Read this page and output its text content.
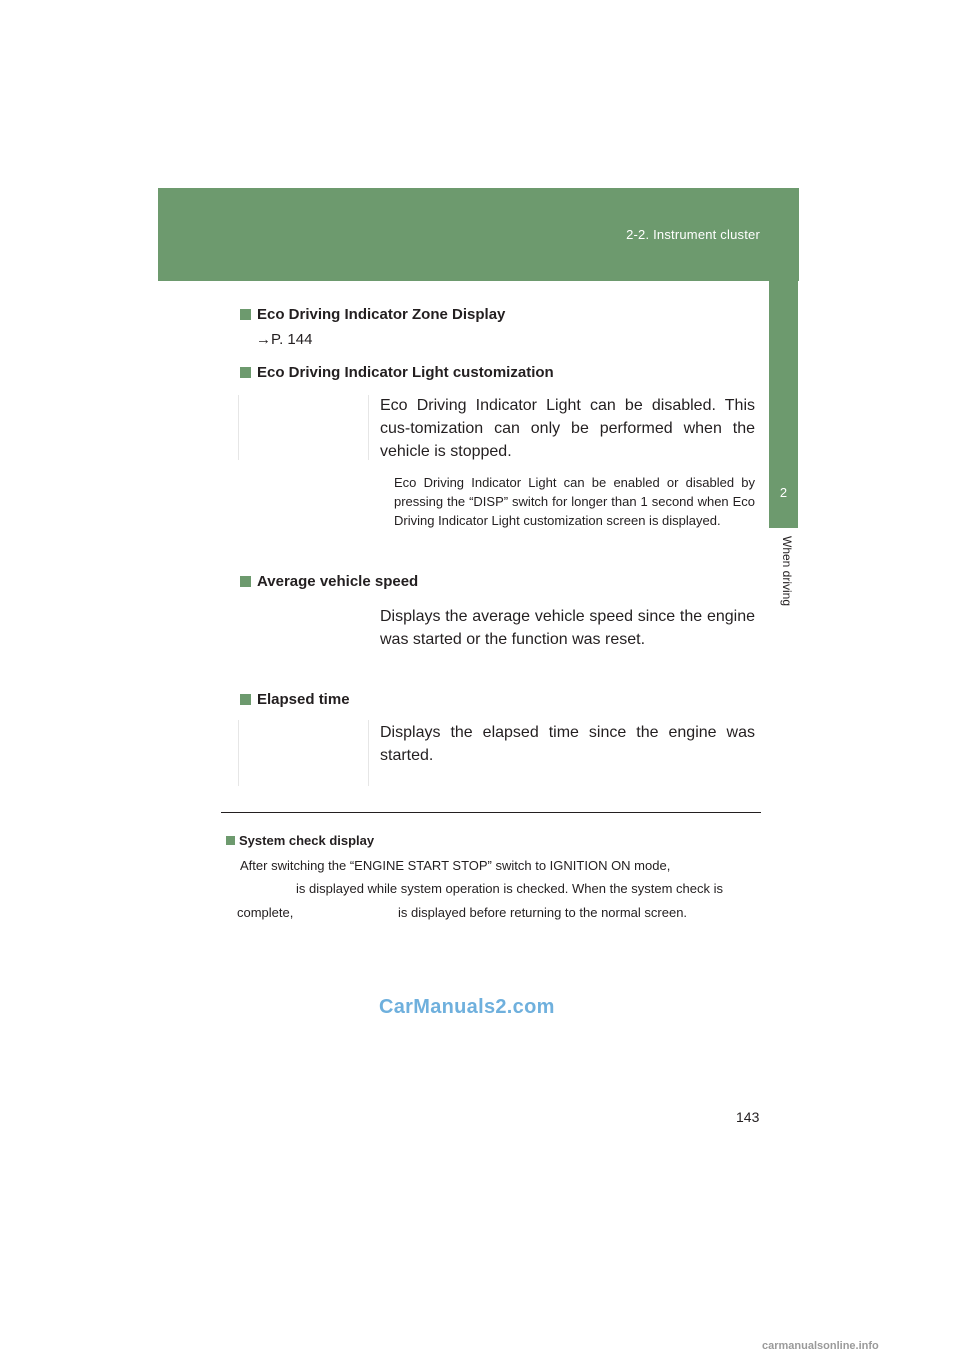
2-2. Instrument cluster
2
When driving
Eco Driving Indicator Zone Display
→P. 144
Eco Driving Indicator Light customization
Eco Driving Indicator Light can be disabled. This cus-tomization can only be performed when the vehicle is stopped.
Eco Driving Indicator Light can be enabled or disabled by pressing the “DISP” switch for longer than 1 second when Eco Driving Indicator Light customization screen is displayed.
Average vehicle speed
Displays the average vehicle speed since the engine was started or the function was reset.
Elapsed time
Displays the elapsed time since the engine was started.
System check display
After switching the “ENGINE START STOP” switch to IGNITION ON mode,
is displayed while system operation is checked. When the system check is
complete,	is displayed before returning to the normal screen.
CarManuals2.com
143
carmanualsonline.info
